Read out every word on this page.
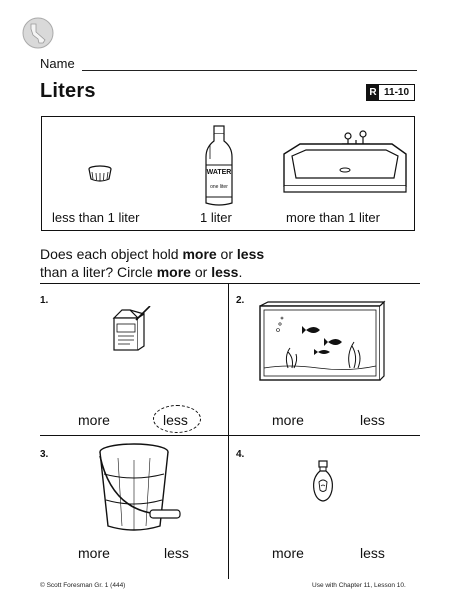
Name
Liters	R 11-10
WATER
one liter
less than 1 liter	1 liter	more than 1 liter
Does each object hold more or less
than a liter? Circle more or less.
1.
more	less
2.
more	less
3.
more	less
4.
more	less
© Scott Foresman Gr. 1 (444)	Use with Chapter 11, Lesson 10.
